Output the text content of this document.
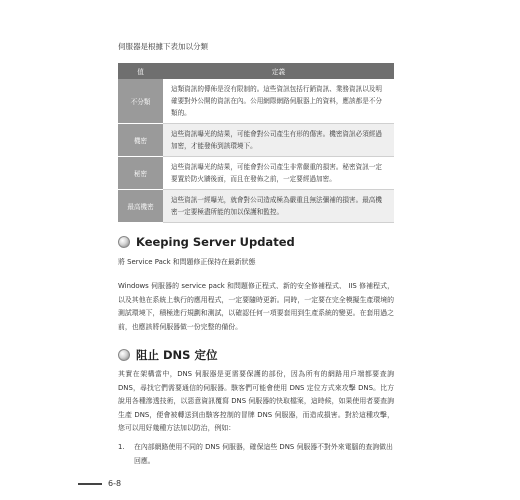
伺服器是根據下表加以分類
值	定義
不分類	這類資訊的傳佈是沒有限制的。這些資訊包括行銷資訊、業務資訊以及明確要對外公開的資訊在內。公用網際網路伺服器上的資料，應該都是不分類的。
機密	這些資訊曝光的結果，可能會對公司產生有形的傷害。機密資訊必須經過加密，才能發佈到該環境下。
秘密	這些資訊曝光的結果，可能會對公司產生非常嚴重的損害。秘密資訊一定要置於防火牆後面，而且在發佈之前，一定要經過加密。
最高機密	這些資訊一經曝光，就會對公司造成極為嚴重且無法彌補的損害。最高機密一定要極盡所能的加以保護和監控。
Keeping Server Updated
將 Service Pack 和問題修正保持在最新狀態
Windows 伺服器的 service pack 和問題修正程式、新的安全修補程式、 IIS 修補程式，以及其他在系統上執行的應用程式，一定要隨時更新。同時，一定要在完全模擬生產環境的測試環境下，積極進行規劃和測試，以確認任何一項要套用到生產系統的變更。在套用過之前，也應該將伺服器做一份完整的備份。
阻止 DNS 定位
其實在架構當中，DNS 伺服器是更需要保護的部份，因為所有的網路用戶端都要查詢 DNS，尋找它們需要通信的伺服器。駭客們可能會使用 DNS 定位方式來攻擊 DNS。比方說用各種滲透技術，以惡意資訊覆寫 DNS 伺服器的快取檔案，這時候，如果使用者要查詢生產 DNS，便會被轉送到由駭客控制的冒牌 DNS 伺服器，而造成損害。對於這種攻擊，您可以用好幾種方法加以防治，例如：
1.	在內部網路使用不同的 DNS 伺服器，確保這些 DNS 伺服器不對外來電腦的查詢做出回應。
6-8
